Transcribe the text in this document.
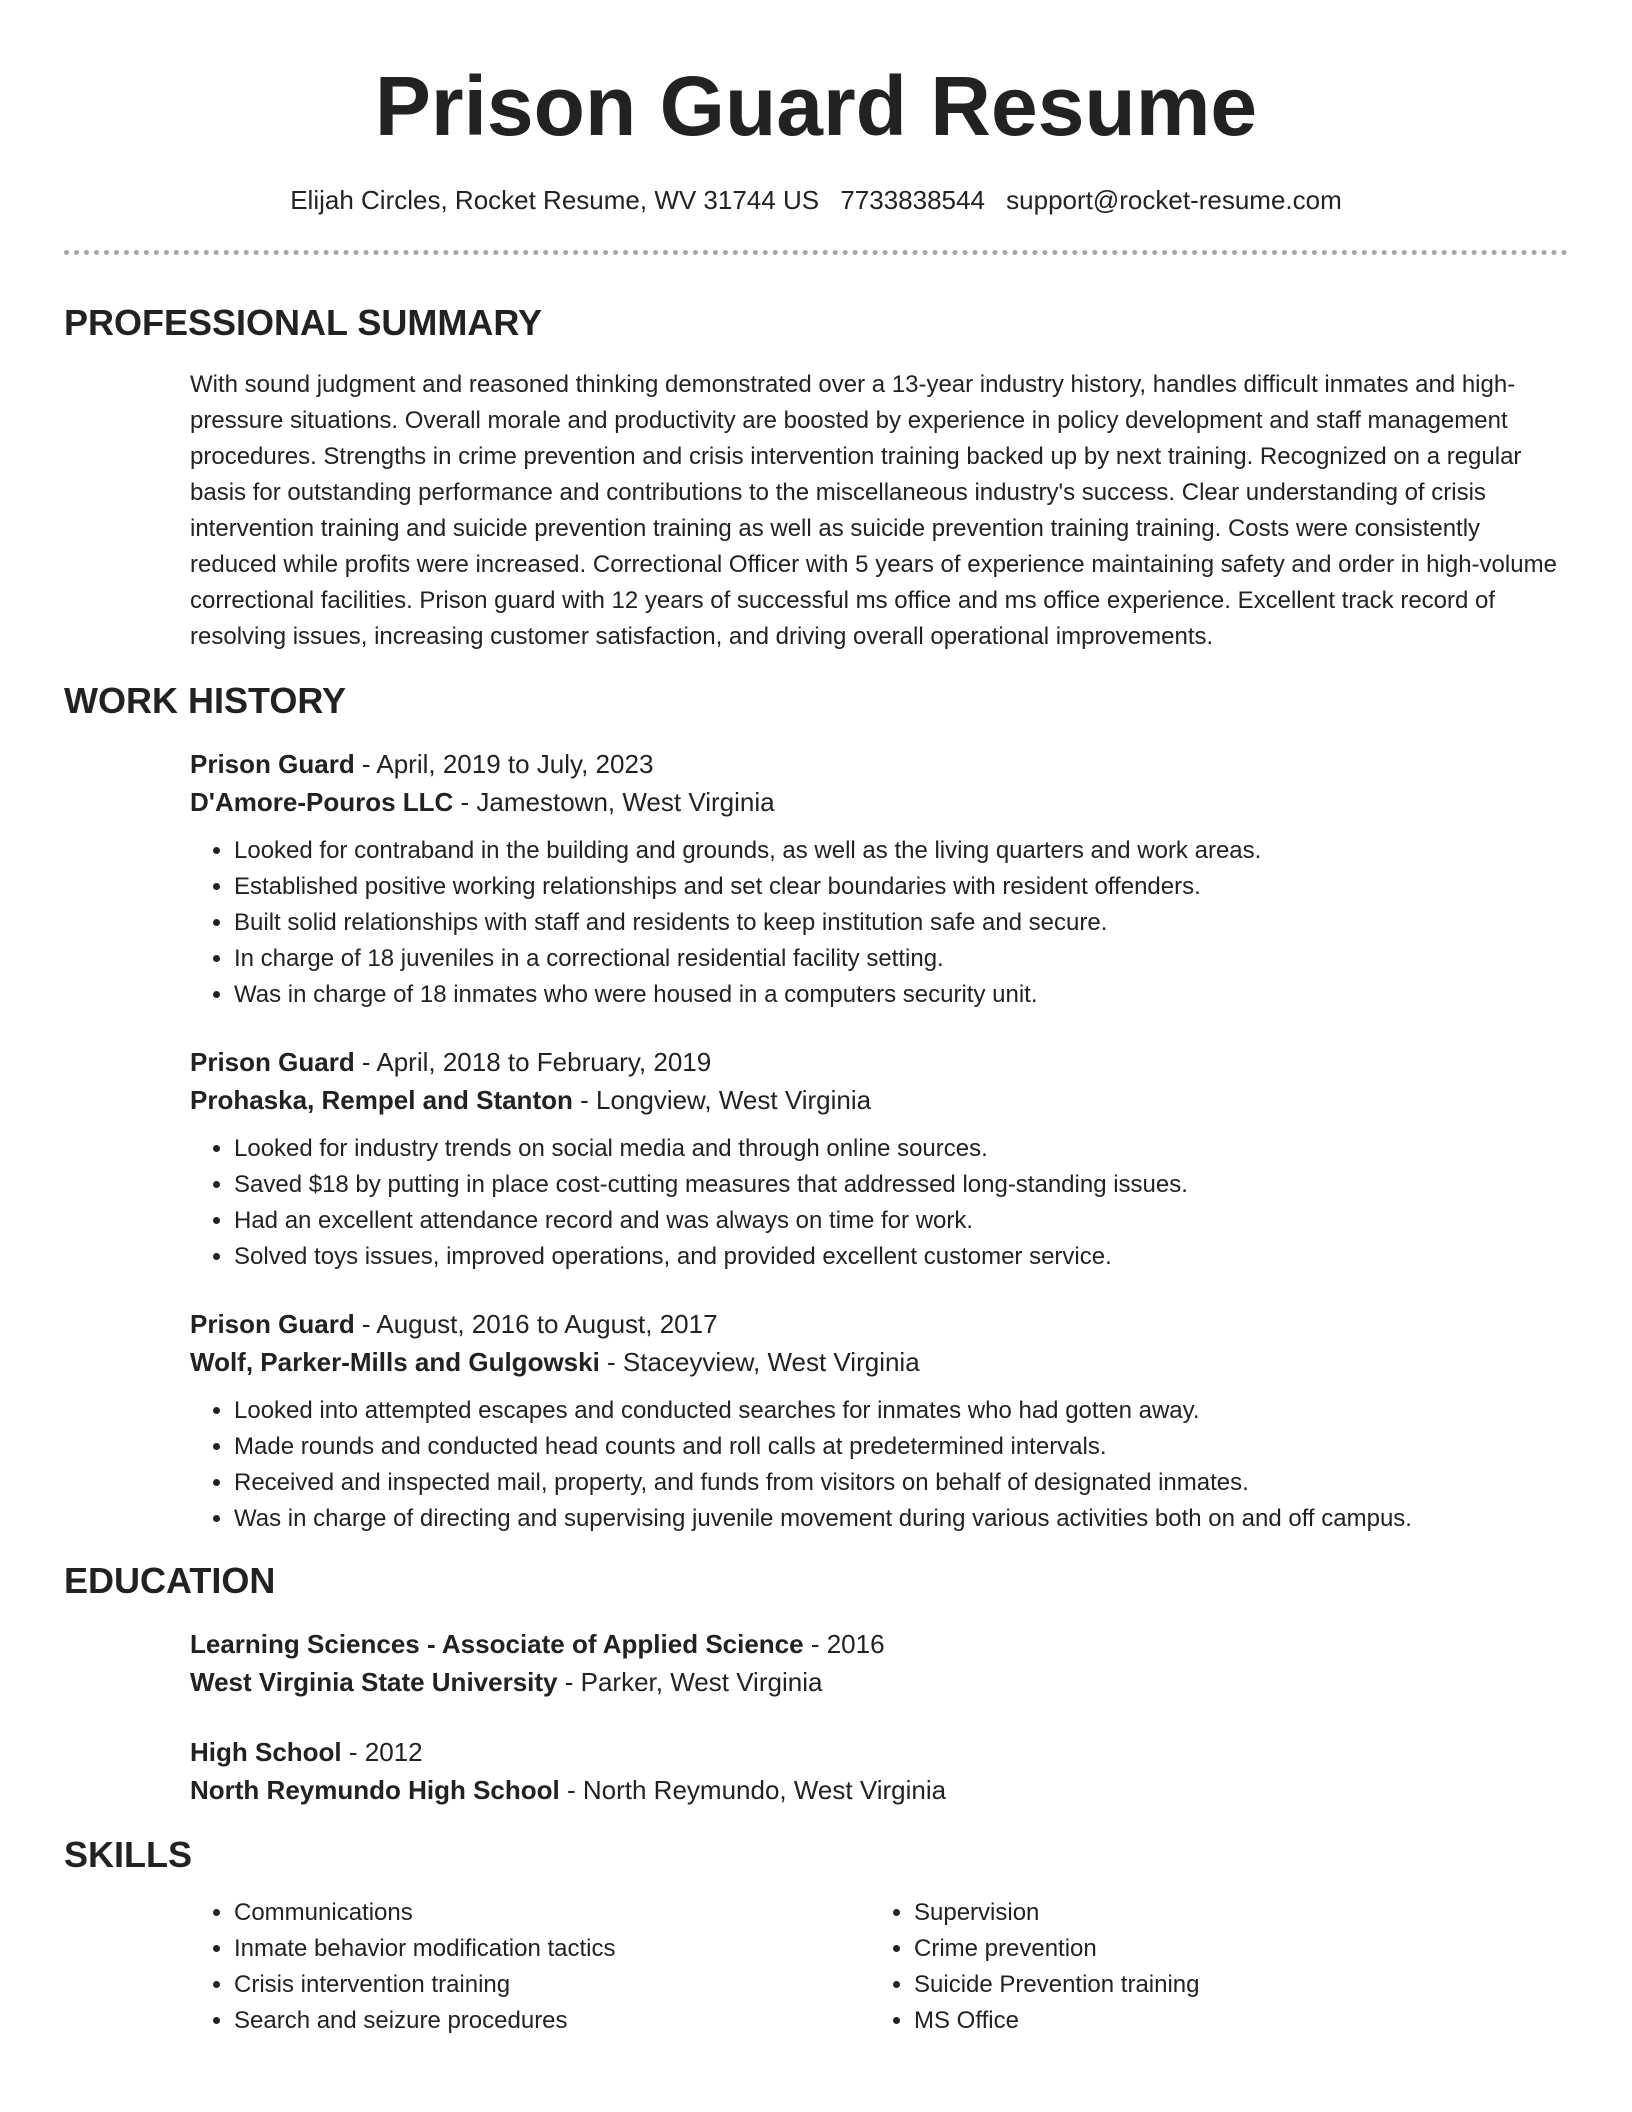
Prison Guard Resume
Elijah Circles, Rocket Resume, WV 31744 US 7733838544 support@rocket-resume.com
PROFESSIONAL SUMMARY

With sound judgment and reasoned thinking demonstrated over a 13-year industry history, handles difficult inmates and high-pressure situations. Overall morale and productivity are boosted by experience in policy development and staff management procedures. Strengths in crime prevention and crisis intervention training backed up by next training. Recognized on a regular basis for outstanding performance and contributions to the miscellaneous industry's success. Clear understanding of crisis intervention training and suicide prevention training as well as suicide prevention training training. Costs were consistently reduced while profits were increased. Correctional Officer with 5 years of experience maintaining safety and order in high-volume correctional facilities. Prison guard with 12 years of successful ms office and ms office experience. Excellent track record of resolving issues, increasing customer satisfaction, and driving overall operational improvements.

WORK HISTORY

Prison Guard - April, 2019 to July, 2023

D'Amore-Pouros LLC - Jamestown, West Virginia

• Looked for contraband in the building and grounds, as well as the living quarters and work areas.
• Established positive working relationships and set clear boundaries with resident offenders.
• Built solid relationships with staff and residents to keep institution safe and secure.
• In charge of 18 juveniles in a correctional residential facility setting.
• Was in charge of 18 inmates who were housed in a computers security unit.

Prison Guard - April, 2018 to February, 2019

Prohaska, Rempel and Stanton - Longview, West Virginia

• Looked for industry trends on social media and through online sources.
• Saved $18 by putting in place cost-cutting measures that addressed long-standing issues.
• Had an excellent attendance record and was always on time for work.
• Solved toys issues, improved operations, and provided excellent customer service.

Prison Guard - August, 2016 to August, 2017

Wolf, Parker-Mills and Gulgowski - Staceyview, West Virginia

• Looked into attempted escapes and conducted searches for inmates who had gotten away.
• Made rounds and conducted head counts and roll calls at predetermined intervals.
• Received and inspected mail, property, and funds from visitors on behalf of designated inmates.
• Was in charge of directing and supervising juvenile movement during various activities both on and off campus.
EDUCATION

Learning Sciences - Associate of Applied Science - 2016

West Virginia State University - Parker, West Virginia

High School - 2012

North Reymundo High School - North Reymundo, West Virginia

SKILLS
• Communications
• Inmate behavior modification tactics
• Crisis intervention training
• Search and seizure procedures
• Supervision
• Crime prevention
• Suicide Prevention training
• MS Office
